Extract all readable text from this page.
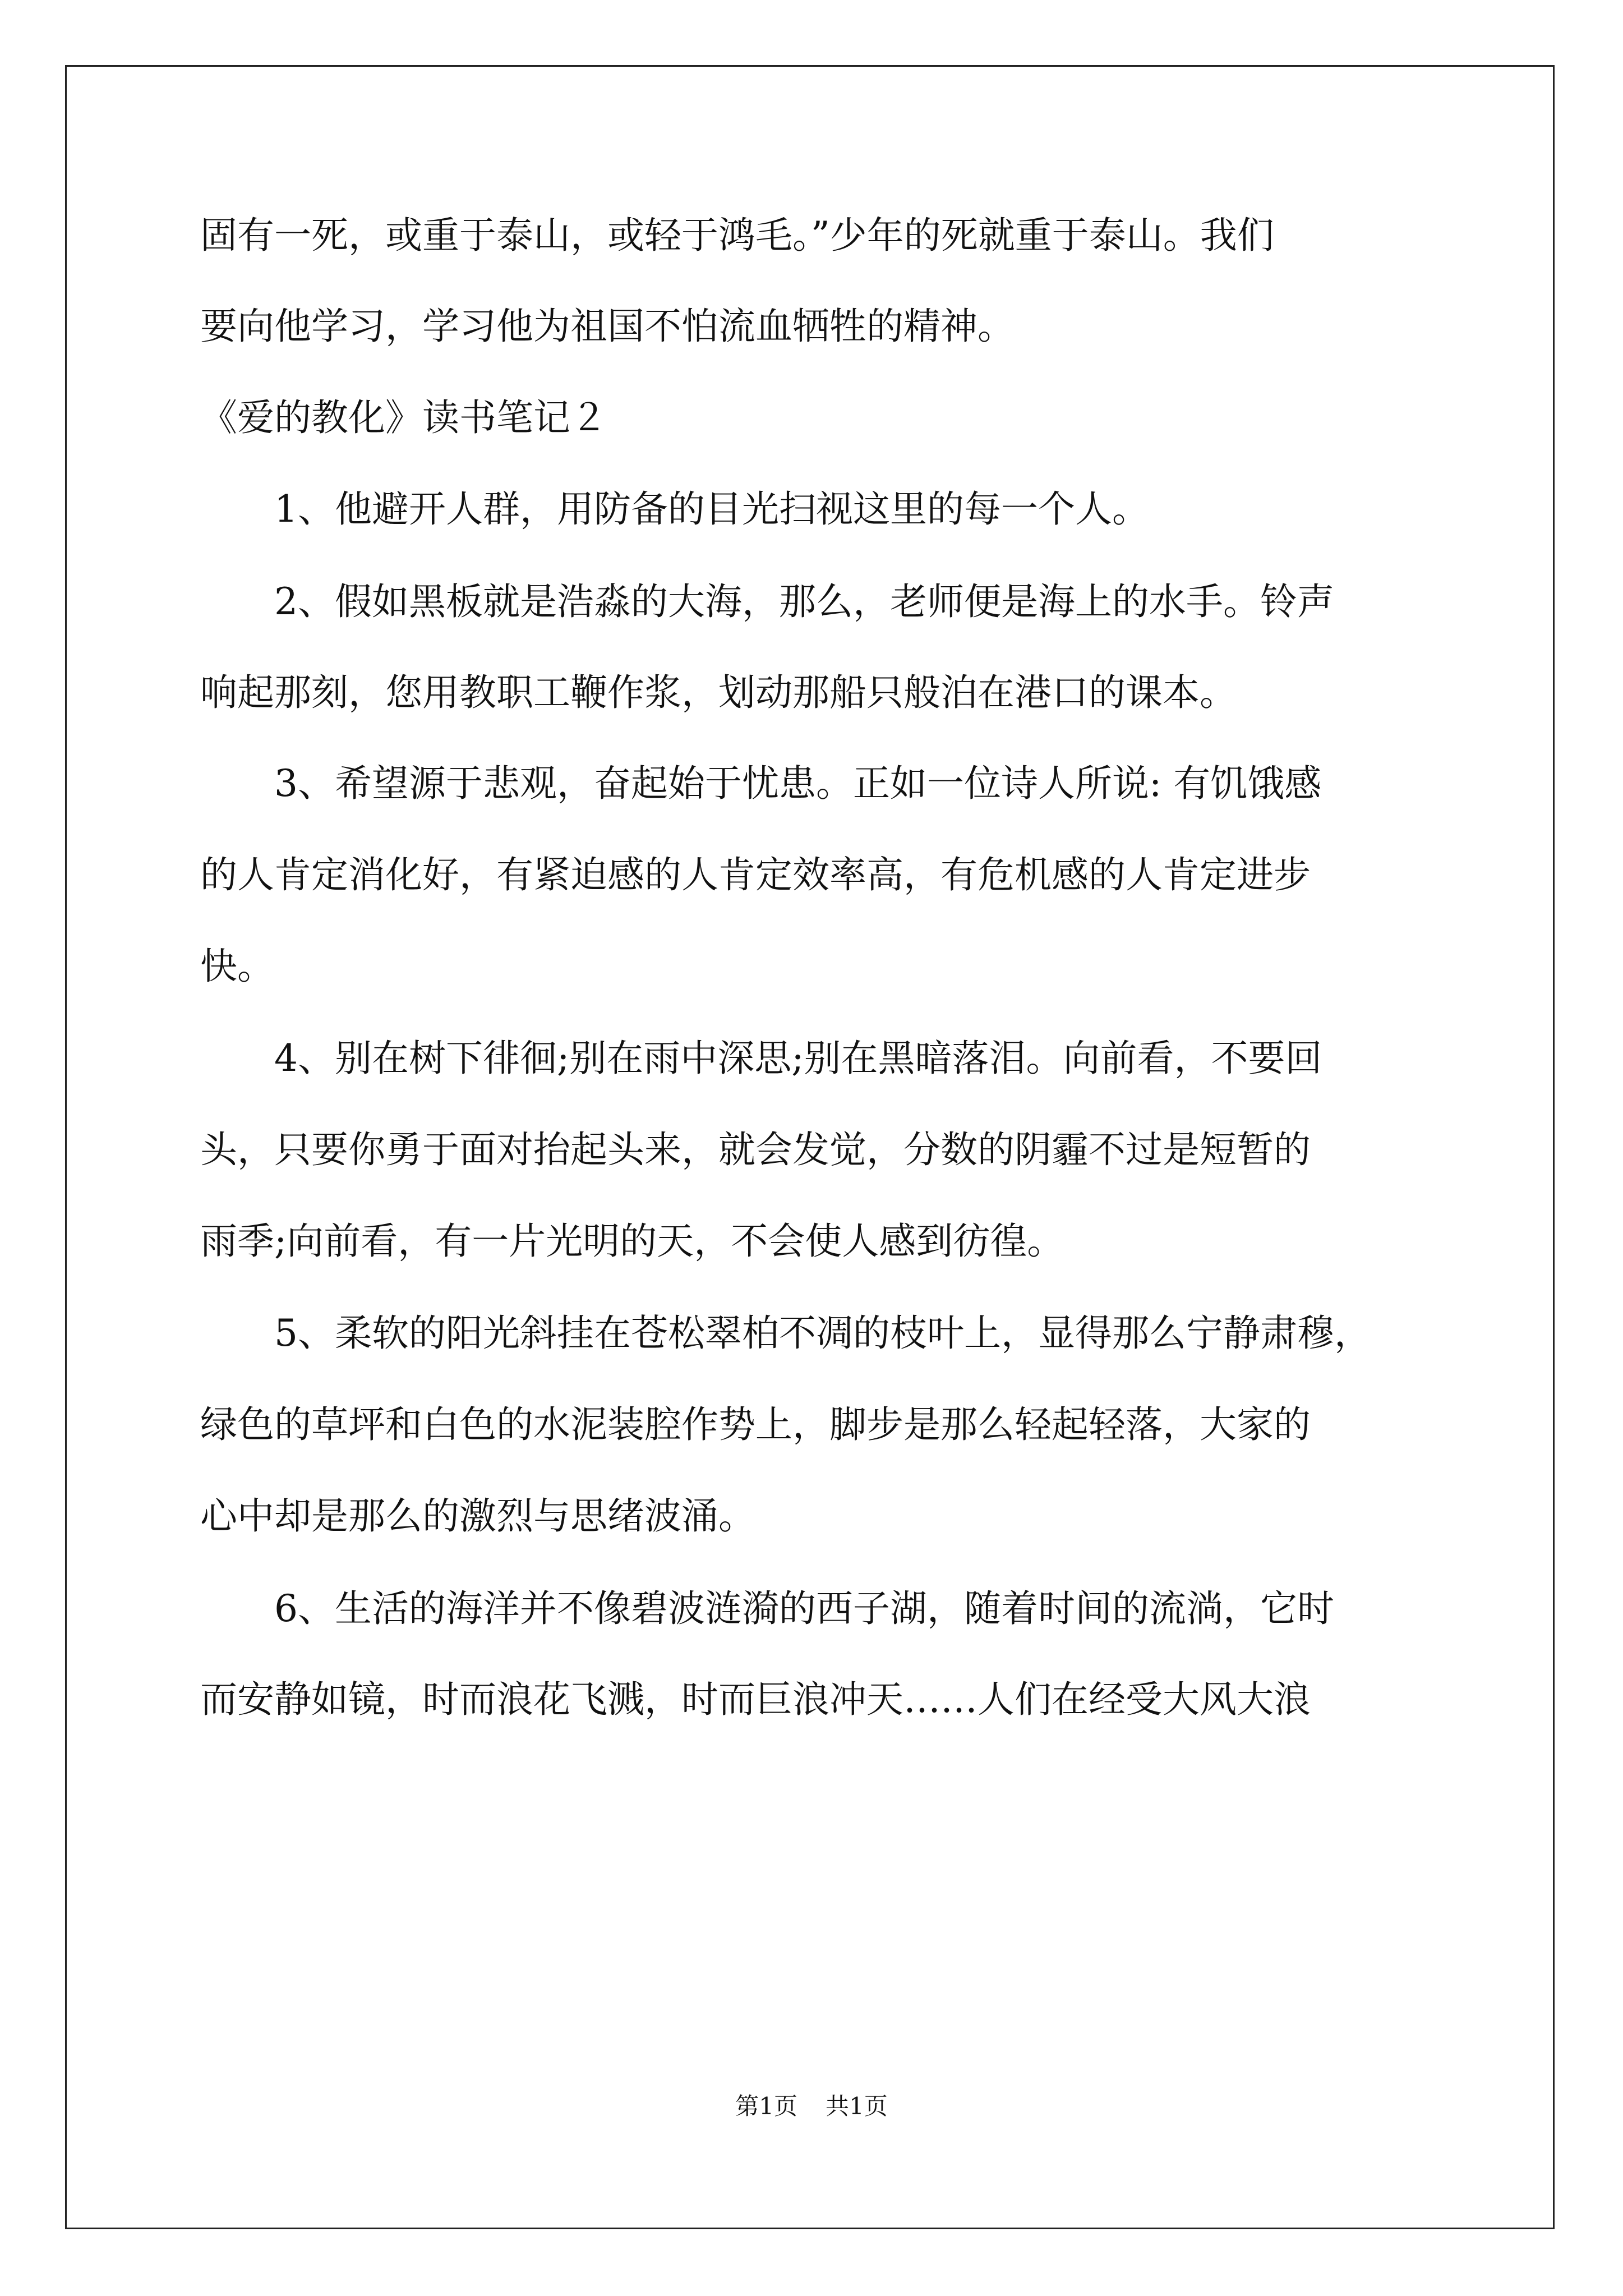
固有一死，或重于泰山，或轻于鸿毛。”少年的死就重于泰山。我们
要向他学习，学习他为祖国不怕流血牺牲的精神。
《爱的教化》读书笔记２
1、他避开人群，用防备的目光扫视这里的每一个人。
2、假如黑板就是浩淼的大海，那么，老师便是海上的水手。铃声
响起那刻，您用教职工鞭作浆，划动那船只般泊在港口的课本。
3、希望源于悲观，奋起始于忧患。正如一位诗人所说: 有饥饿感
的人肯定消化好，有紧迫感的人肯定效率高，有危机感的人肯定进步
快。
4、别在树下徘徊;别在雨中深思;别在黑暗落泪。向前看，不要回
头，只要你勇于面对抬起头来，就会发觉，分数的阴霾不过是短暂的
雨季;向前看，有一片光明的天，不会使人感到彷徨。
5、柔软的阳光斜挂在苍松翠柏不凋的枝叶上，显得那么宁静肃穆，
绿色的草坪和白色的水泥装腔作势上，脚步是那么轻起轻落，大家的
心中却是那么的激烈与思绪波涌。
6、生活的海洋并不像碧波涟漪的西子湖，随着时间的流淌，它时
而安静如镜，时而浪花飞溅，时而巨浪冲天……人们在经受大风大浪
第1页 共1页
